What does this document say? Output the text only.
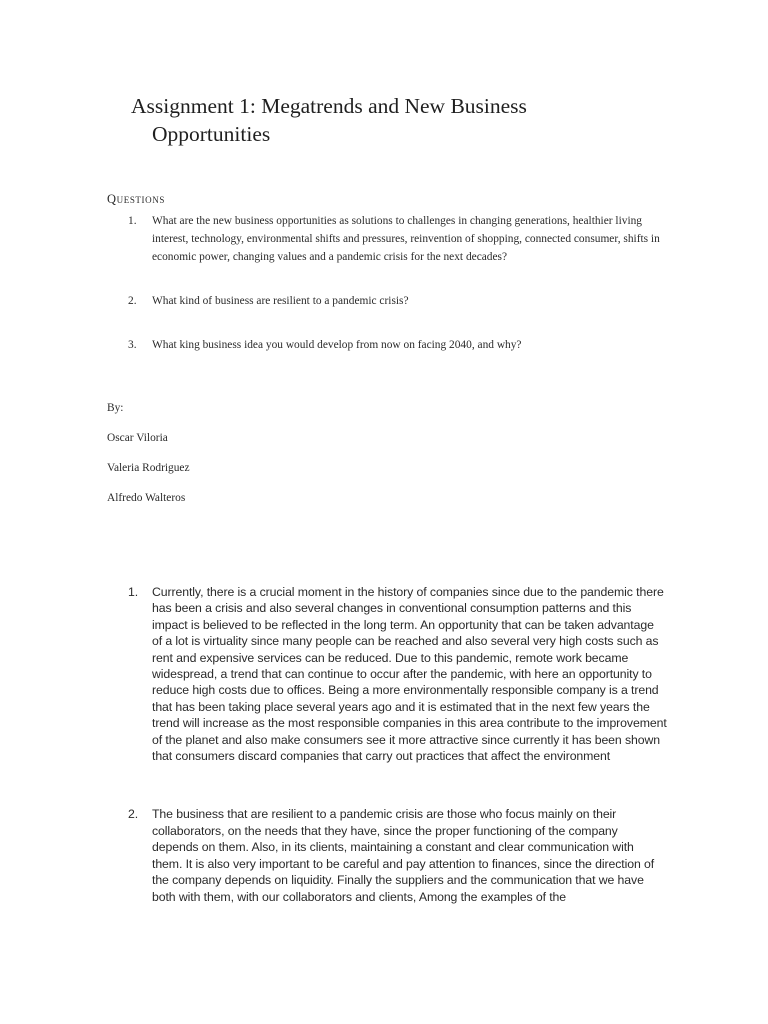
Assignment 1: Megatrends and New Business
Opportunities
Questions
1. What are the new business opportunities as solutions to challenges in changing generations, healthier living interest, technology, environmental shifts and pressures, reinvention of shopping, connected consumer, shifts in economic power, changing values and a pandemic crisis for the next decades?
2. What kind of business are resilient to a pandemic crisis?
3. What king business idea you would develop from now on facing 2040, and why?
By:
Oscar Viloria
Valeria Rodriguez
Alfredo Walteros
1. Currently, there is a crucial moment in the history of companies since due to the pandemic there has been a crisis and also several changes in conventional consumption patterns and this impact is believed to be reflected in the long term. An opportunity that can be taken advantage of a lot is virtuality since many people can be reached and also several very high costs such as rent and expensive services can be reduced. Due to this pandemic, remote work became widespread, a trend that can continue to occur after the pandemic, with here an opportunity to reduce high costs due to offices. Being a more environmentally responsible company is a trend that has been taking place several years ago and it is estimated that in the next few years the trend will increase as the most responsible companies in this area contribute to the improvement of the planet and also make consumers see it more attractive since currently it has been shown that consumers discard companies that carry out practices that affect the environment
2. The business that are resilient to a pandemic crisis are those who focus mainly on their collaborators, on the needs that they have, since the proper functioning of the company depends on them. Also, in its clients, maintaining a constant and clear communication with them. It is also very important to be careful and pay attention to finances, since the direction of the company depends on liquidity. Finally the suppliers and the communication that we have both with them, with our collaborators and clients, Among the examples of the
